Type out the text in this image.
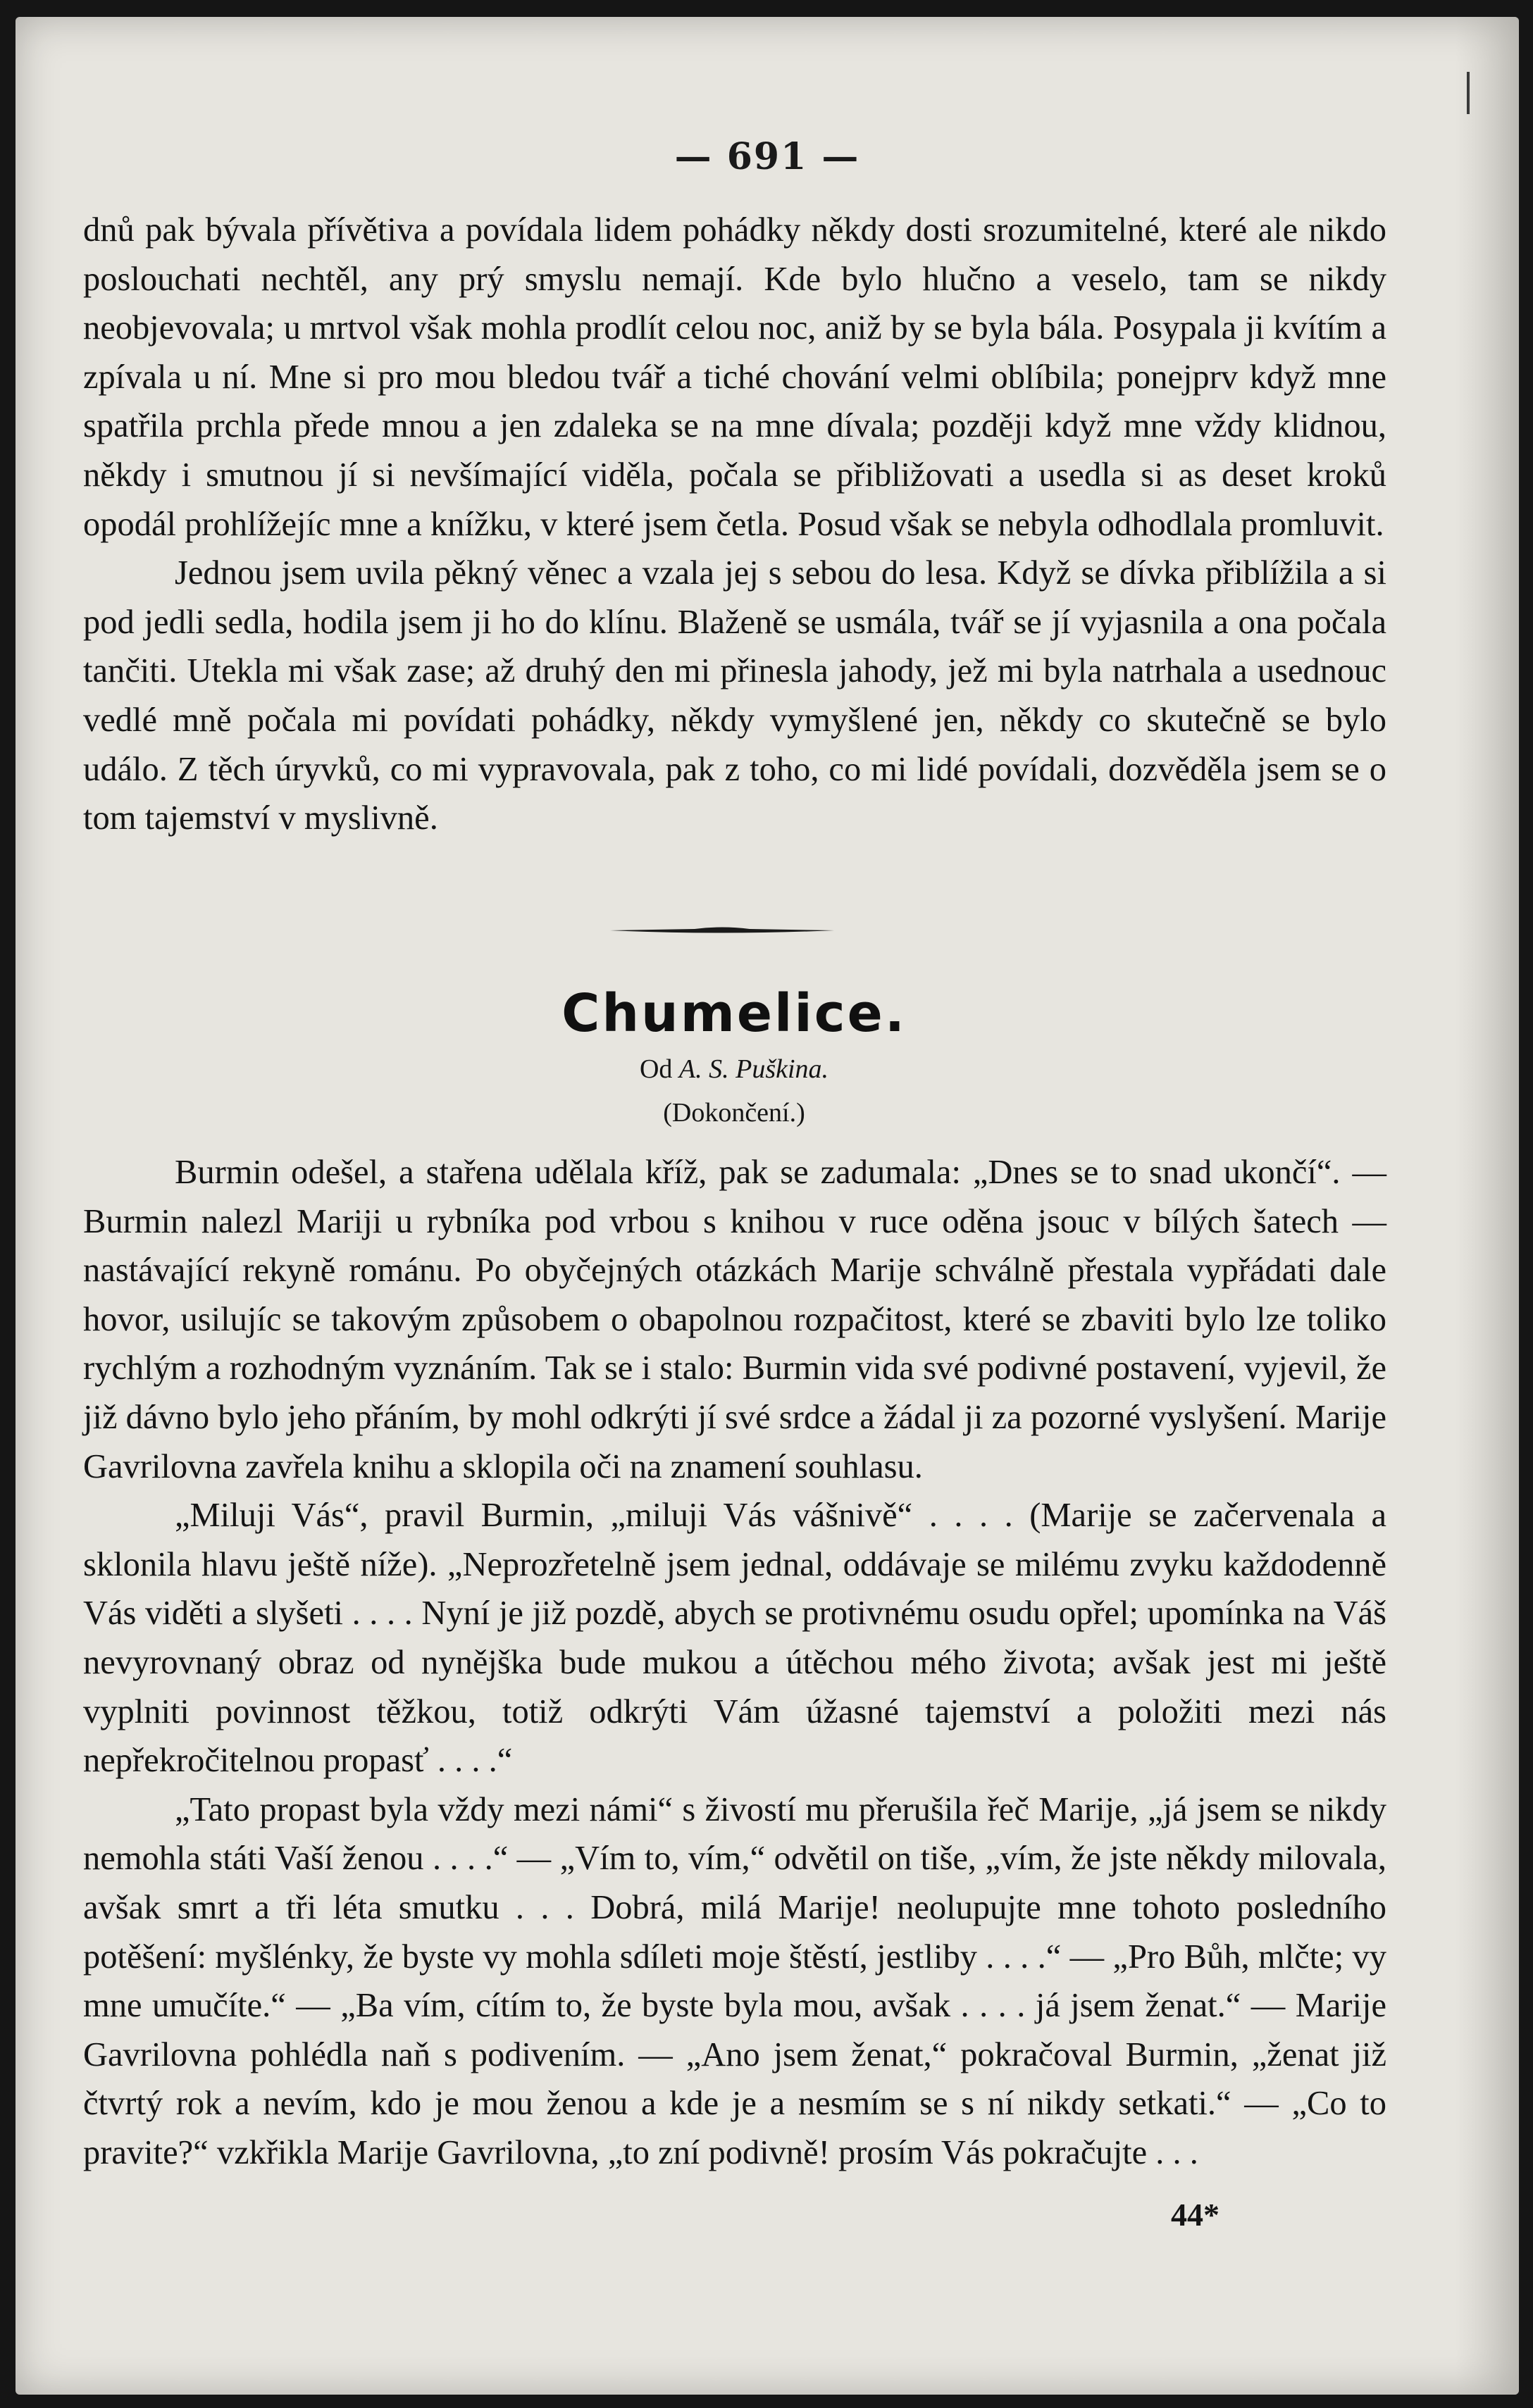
— 691 —

dnů pak bývala přívětiva a povídala lidem pohádky někdy dosti srozumitelné, které ale nikdo poslouchati nechtěl, any prý smyslu nemají. Kde bylo hlučno a veselo, tam se nikdy neobjevovala; u mrtvol však mohla prodlít celou noc, aniž by se byla bála. Posypala ji kvítím a zpívala u ní. Mne si pro mou bledou tvář a tiché chování velmi oblíbila; ponejprv když mne spatřila prchla přede mnou a jen zdaleka se na mne dívala; později když mne vždy klidnou, někdy i smutnou jí si nevšímající viděla, počala se přibližovati a usedla si as deset kroků opodál prohlížejíc mne a knížku, v které jsem četla. Posud však se nebyla odhodlala promluvit.

Jednou jsem uvila pěkný věnec a vzala jej s sebou do lesa. Když se dívka přiblížila a si pod jedli sedla, hodila jsem ji ho do klínu. Blaženě se usmála, tvář se jí vyjasnila a ona počala tančiti. Utekla mi však zase; až druhý den mi přinesla jahody, jež mi byla natrhala a usednouc vedlé mně počala mi povídati pohádky, někdy vymyšlené jen, někdy co skutečně se bylo událo. Z těch úryvků, co mi vypravovala, pak z toho, co mi lidé povídali, dozvěděla jsem se o tom tajemství v myslivně.

Chumelice.
Od A. S. Puškina.
(Dokončení.)

Burmin odešel, a stařena udělala kříž, pak se zadumala: „Dnes se to snad ukončí“. — Burmin nalezl Mariji u rybníka pod vrbou s knihou v ruce oděna jsouc v bílých šatech — nastávající rekyně románu. Po obyčejných otázkách Marije schválně přestala vypřádati dale hovor, usilujíc se takovým způsobem o obapolnou rozpačitost, které se zbaviti bylo lze toliko rychlým a rozhodným vyznáním. Tak se i stalo: Burmin vida své podivné postavení, vyjevil, že již dávno bylo jeho přáním, by mohl odkrýti jí své srdce a žádal ji za pozorné vyslyšení. Marije Gavrilovna zavřela knihu a sklopila oči na znamení souhlasu.

„Miluji Vás“, pravil Burmin, „miluji Vás vášnivě“ . . . . (Marije se začervenala a sklonila hlavu ještě níže). „Neprozřetelně jsem jednal, oddávaje se milému zvyku každodenně Vás viděti a slyšeti . . . . Nyní je již pozdě, abych se protivnému osudu opřel; upomínka na Váš nevyrovnaný obraz od nynějška bude mukou a útěchou mého života; avšak jest mi ještě vyplniti povinnost těžkou, totiž odkrýti Vám úžasné tajemství a položiti mezi nás nepřekročitelnou propasť . . . .“

„Tato propast byla vždy mezi námi“ s živostí mu přerušila řeč Marije, „já jsem se nikdy nemohla státi Vaší ženou . . . .“ — „Vím to, vím,“ odvětil on tiše, „vím, že jste někdy milovala, avšak smrt a tři léta smutku . . . Dobrá, milá Marije! neolupujte mne tohoto posledního potěšení: myšlénky, že byste vy mohla sdíleti moje štěstí, jestliby . . . .“ — „Pro Bůh, mlčte; vy mne umučíte.“ — „Ba vím, cítím to, že byste byla mou, avšak . . . . já jsem ženat.“ — Marije Gavrilovna pohlédla naň s podivením. — „Ano jsem ženat,“ pokračoval Burmin, „ženat již čtvrtý rok a nevím, kdo je mou ženou a kde je a nesmím se s ní nikdy setkati.“ — „Co to pravite?“ vzkřikla Marije Gavrilovna, „to zní podivně! prosím Vás pokračujte . . .

44*
